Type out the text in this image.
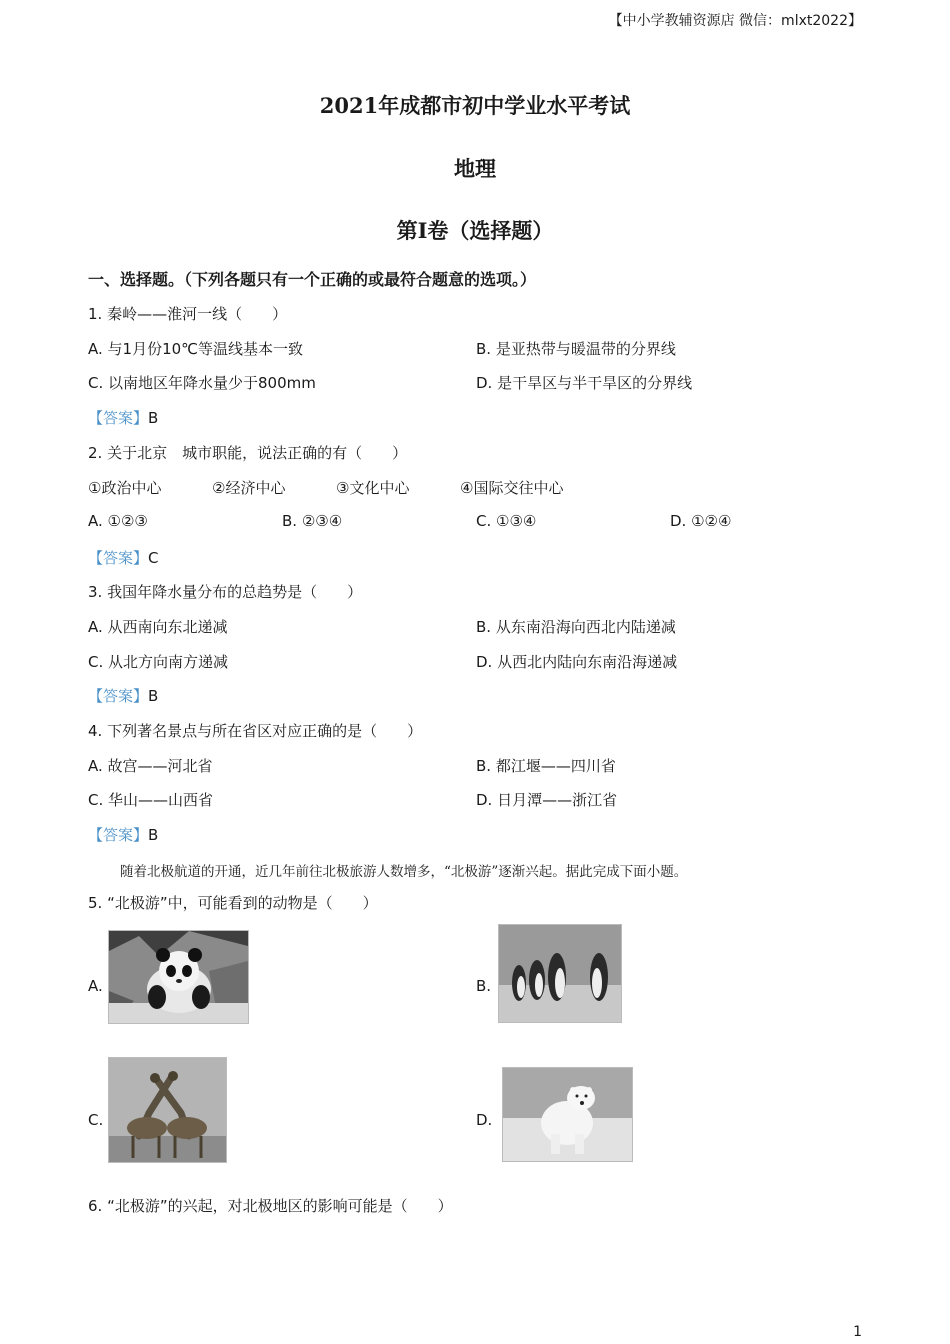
【中小学教辅资源店 微信：mlxt2022】
2021年成都市初中学业水平考试
地理
第Ⅰ卷（选择题）
一、选择题。（下列各题只有一个正确的或最符合题意的选项。）
1. 秦岭——淮河一线（　　）
A. 与1月份10℃等温线基本一致	B. 是亚热带与暖温带的分界线
C. 以南地区年降水量少于800mm	D. 是干旱区与半干旱区的分界线
【答案】B
2. 关于北京　城市职能，说法正确的有（　　）
①政治中心	②经济中心	③文化中心	④国际交往中心
A. ①②③	B. ②③④	C. ①③④	D. ①②④
【答案】C
3. 我国年降水量分布的总趋势是（　　）
A. 从西南向东北递减	B. 从东南沿海向西北内陆递减
C. 从北方向南方递减	D. 从西北内陆向东南沿海递减
【答案】B
4. 下列著名景点与所在省区对应正确的是（　　）
A. 故宫——河北省	B. 都江堰——四川省
C. 华山——山西省	D. 日月潭——浙江省
【答案】B
随着北极航道的开通，近几年前往北极旅游人数增多，“北极游”逐渐兴起。据此完成下面小题。
5. “北极游”中，可能看到的动物是（　　）
A.	B.
C.	D.
6. “北极游”的兴起，对北极地区的影响可能是（　　）
1
